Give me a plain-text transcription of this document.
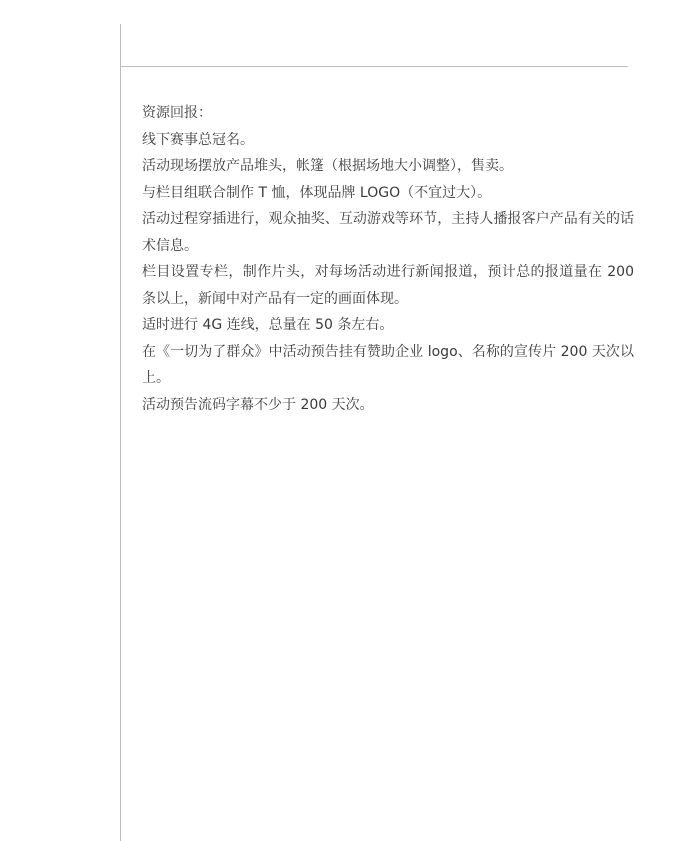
资源回报：

线下赛事总冠名。

活动现场摆放产品堆头，帐篷（根据场地大小调整），售卖。

与栏目组联合制作 T 恤，体现品牌 LOGO（不宜过大）。

活动过程穿插进行，观众抽奖、互动游戏等环节，主持人播报客户产品有关的话术信息。

栏目设置专栏，制作片头，对每场活动进行新闻报道，预计总的报道量在 200 条以上，新闻中对产品有一定的画面体现。

适时进行 4G 连线，总量在 50 条左右。

在《一切为了群众》中活动预告挂有赞助企业 logo、名称的宣传片 200 天次以上。

活动预告流码字幕不少于 200 天次。
